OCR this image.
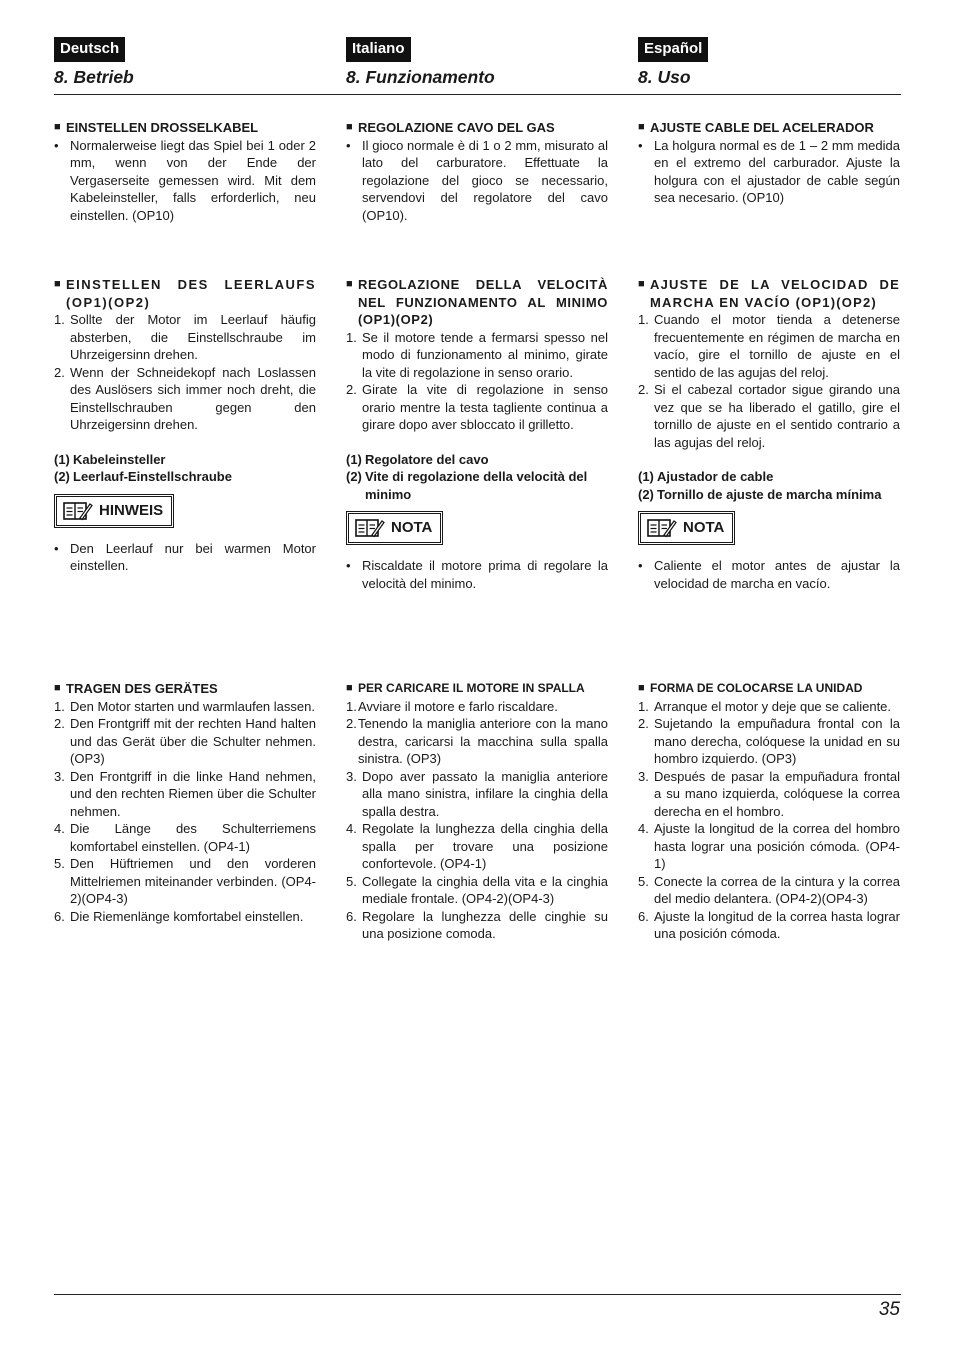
Deutsch
8. Betrieb
■ EINSTELLEN DROSSELKABEL
• Normalerweise liegt das Spiel bei 1 oder 2 mm, wenn von der Ende der Vergaserseite gemessen wird. Mit dem Kabeleinsteller, falls erforderlich, neu einstellen. (OP10)
■ EINSTELLEN DES LEERLAUFS (OP1)(OP2)
1. Sollte der Motor im Leerlauf häufig absterben, die Einstellschraube im Uhrzeigersinn drehen.
2. Wenn der Schneidekopf nach Loslassen des Auslösers sich immer noch dreht, die Einstellschrauben gegen den Uhrzeigersinn drehen.
(1) Kabeleinsteller
(2) Leerlauf-Einstellschraube
HINWEIS
• Den Leerlauf nur bei warmen Motor einstellen.
■ TRAGEN DES GERÄTES
1. Den Motor starten und warmlaufen lassen.
2. Den Frontgriff mit der rechten Hand halten und das Gerät über die Schulter nehmen. (OP3)
3. Den Frontgriff in die linke Hand nehmen, und den rechten Riemen über die Schulter nehmen.
4. Die Länge des Schulterriemens komfortabel einstellen. (OP4-1)
5. Den Hüftriemen und den vorderen Mittelriemen miteinander verbinden. (OP4-2)(OP4-3)
6. Die Riemenlänge komfortabel einstellen.
Italiano
8. Funzionamento
■ REGOLAZIONE CAVO DEL GAS
• Il gioco normale è di 1 o 2 mm, misurato al lato del carburatore. Effettuate la regolazione del gioco se necessario, servendovi del regolatore del cavo (OP10).
■ REGOLAZIONE DELLA VELOCITÀ NEL FUNZIONAMENTO AL MINIMO (OP1)(OP2)
1. Se il motore tende a fermarsi spesso nel modo di funzionamento al minimo, girate la vite di regolazione in senso orario.
2. Girate la vite di regolazione in senso orario mentre la testa tagliente continua a girare dopo aver sbloccato il grilletto.
(1) Regolatore del cavo
(2) Vite di regolazione della velocità del minimo
NOTA
• Riscaldate il motore prima di regolare la velocità del minimo.
■ PER CARICARE IL MOTORE IN SPALLA
1. Avviare il motore e farlo riscaldare.
2. Tenendo la maniglia anteriore con la mano destra, caricarsi la macchina sulla spalla sinistra. (OP3)
3. Dopo aver passato la maniglia anteriore alla mano sinistra, infilare la cinghia della spalla destra.
4. Regolate la lunghezza della cinghia della spalla per trovare una posizione confortevole. (OP4-1)
5. Collegate la cinghia della vita e la cinghia mediale frontale. (OP4-2)(OP4-3)
6. Regolare la lunghezza delle cinghie su una posizione comoda.
Español
8. Uso
■ AJUSTE CABLE DEL ACELERADOR
• La holgura normal es de 1 – 2 mm medida en el extremo del carburador. Ajuste la holgura con el ajustador de cable según sea necesario. (OP10)
■ AJUSTE DE LA VELOCIDAD DE MARCHA EN VACÍO (OP1)(OP2)
1. Cuando el motor tienda a detenerse frecuentemente en régimen de marcha en vacío, gire el tornillo de ajuste en el sentido de las agujas del reloj.
2. Si el cabezal cortador sigue girando una vez que se ha liberado el gatillo, gire el tornillo de ajuste en el sentido contrario a las agujas del reloj.
(1) Ajustador de cable
(2) Tornillo de ajuste de marcha mínima
NOTA
• Caliente el motor antes de ajustar la velocidad de marcha en vacío.
■ FORMA DE COLOCARSE LA UNIDAD
1. Arranque el motor y deje que se caliente.
2. Sujetando la empuñadura frontal con la mano derecha, colóquese la unidad en su hombro izquierdo. (OP3)
3. Después de pasar la empuñadura frontal a su mano izquierda, colóquese la correa derecha en el hombro.
4. Ajuste la longitud de la correa del hombro hasta lograr una posición cómoda. (OP4-1)
5. Conecte la correa de la cintura y la correa del medio delantera. (OP4-2)(OP4-3)
6. Ajuste la longitud de la correa hasta lograr una posición cómoda.
35
